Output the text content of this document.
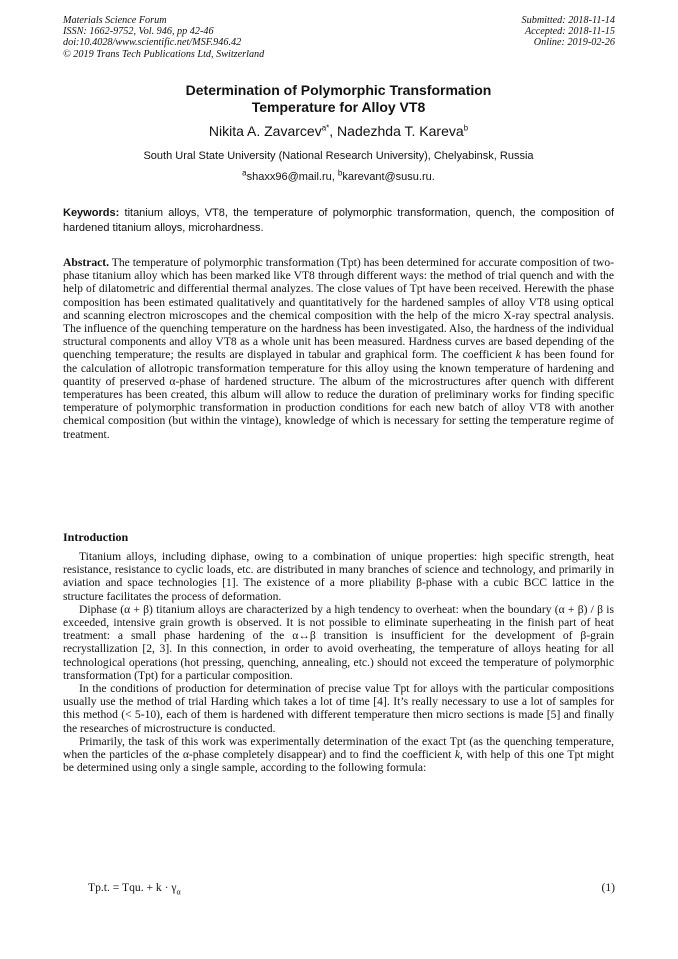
Materials Science Forum
ISSN: 1662-9752, Vol. 946, pp 42-46
doi:10.4028/www.scientific.net/MSF.946.42
© 2019 Trans Tech Publications Ltd, Switzerland
Submitted: 2018-11-14
Accepted: 2018-11-15
Online: 2019-02-26
Determination of Polymorphic Transformation
Temperature for Alloy VT8
Nikita A. Zavarcev$^{a*}$, Nadezhda T. Kareva$^b$
South Ural State University (National Research University), Chelyabinsk, Russia
$^a$shaxx96@mail.ru, $^b$karevant@susu.ru.
Keywords: titanium alloys, VT8, the temperature of polymorphic transformation, quench, the composition of hardened titanium alloys, microhardness.
Abstract. The temperature of polymorphic transformation (Tpt) has been determined for accurate composition of two-phase titanium alloy which has been marked like VT8 through different ways: the method of trial quench and with the help of dilatometric and differential thermal analyzes. The close values of Tpt have been received. Herewith the phase composition has been estimated qualitatively and quantitatively for the hardened samples of alloy VT8 using optical and scanning electron microscopes and the chemical composition with the help of the micro X-ray spectral analysis. The influence of the quenching temperature on the hardness has been investigated. Also, the hardness of the individual structural components and alloy VT8 as a whole unit has been measured. Hardness curves are based depending of the quenching temperature; the results are displayed in tabular and graphical form. The coefficient k has been found for the calculation of allotropic transformation temperature for this alloy using the known temperature of hardening and quantity of preserved α-phase of hardened structure. The album of the microstructures after quench with different temperatures has been created, this album will allow to reduce the duration of preliminary works for finding specific temperature of polymorphic transformation in production conditions for each new batch of alloy VT8 with another chemical composition (but within the vintage), knowledge of which is necessary for setting the temperature regime of treatment.
Introduction

Titanium alloys, including diphase, owing to a combination of unique properties: high specific strength, heat resistance, resistance to cyclic loads, etc. are distributed in many branches of science and technology, and primarily in aviation and space technologies [1]. The existence of a more pliability β-phase with a cubic BCC lattice in the structure facilitates the process of deformation.

Diphase (α + β) titanium alloys are characterized by a high tendency to overheat: when the boundary (α + β) / β is exceeded, intensive grain growth is observed. It is not possible to eliminate superheating in the finish part of heat treatment: a small phase hardening of the α↔β transition is insufficient for the development of β-grain recrystallization [2, 3]. In this connection, in order to avoid overheating, the temperature of alloys heating for all technological operations (hot pressing, quenching, annealing, etc.) should not exceed the temperature of polymorphic transformation (Tpt) for a particular composition.

In the conditions of production for determination of precise value Tpt for alloys with the particular compositions usually use the method of trial Harding which takes a lot of time [4]. It’s really necessary to use a lot of samples for this method (< 5-10), each of them is hardened with different temperature then micro sections is made [5] and finally the researches of microstructure is conducted.

Primarily, the task of this work was experimentally determination of the exact Tpt (as the quenching temperature, when the particles of the α-phase completely disappear) and to find the coefficient k, with help of this one Tpt might be determined using only a single sample, according to the following formula:

Tp.t. = Tqu. + $k \cdot \gamma_\alpha$	(1)
